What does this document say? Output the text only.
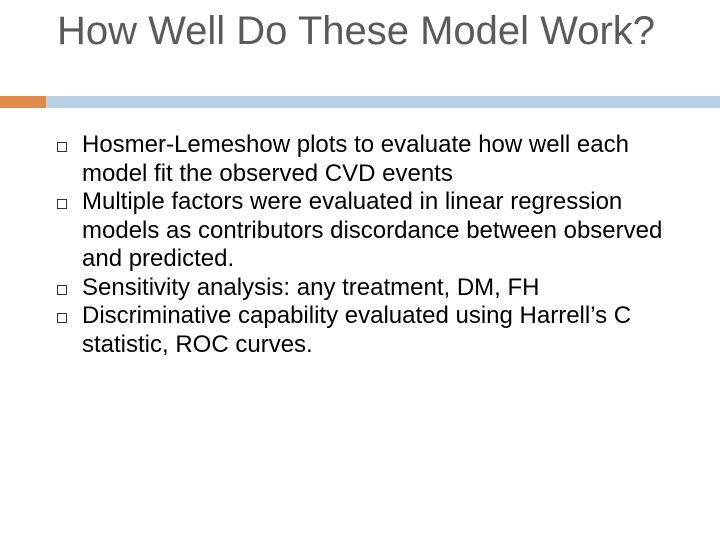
How Well Do These Model Work?
Hosmer-Lemeshow plots to evaluate how well each model fit the observed CVD events
Multiple factors were evaluated in linear regression models as contributors discordance between observed and predicted.
Sensitivity analysis: any treatment, DM, FH
Discriminative capability evaluated using Harrell’s C statistic, ROC curves.
